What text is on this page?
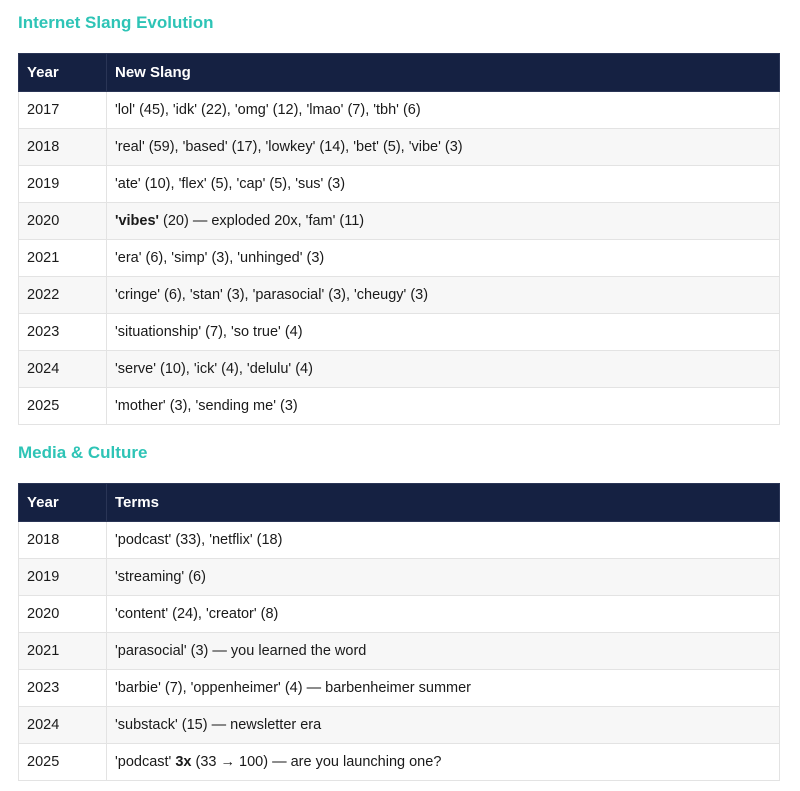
Internet Slang Evolution
Year	New Slang
2017	'lol' (45), 'idk' (22), 'omg' (12), 'lmao' (7), 'tbh' (6)
2018	'real' (59), 'based' (17), 'lowkey' (14), 'bet' (5), 'vibe' (3)
2019	'ate' (10), 'flex' (5), 'cap' (5), 'sus' (3)
2020	'vibes' (20) — exploded 20x, 'fam' (11)
2021	'era' (6), 'simp' (3), 'unhinged' (3)
2022	'cringe' (6), 'stan' (3), 'parasocial' (3), 'cheugy' (3)
2023	'situationship' (7), 'so true' (4)
2024	'serve' (10), 'ick' (4), 'delulu' (4)
2025	'mother' (3), 'sending me' (3)
Media & Culture
Year	Terms
2018	'podcast' (33), 'netflix' (18)
2019	'streaming' (6)
2020	'content' (24), 'creator' (8)
2021	'parasocial' (3) — you learned the word
2023	'barbie' (7), 'oppenheimer' (4) — barbenheimer summer
2024	'substack' (15) — newsletter era
2025	'podcast' 3x (33 → 100) — are you launching one?
